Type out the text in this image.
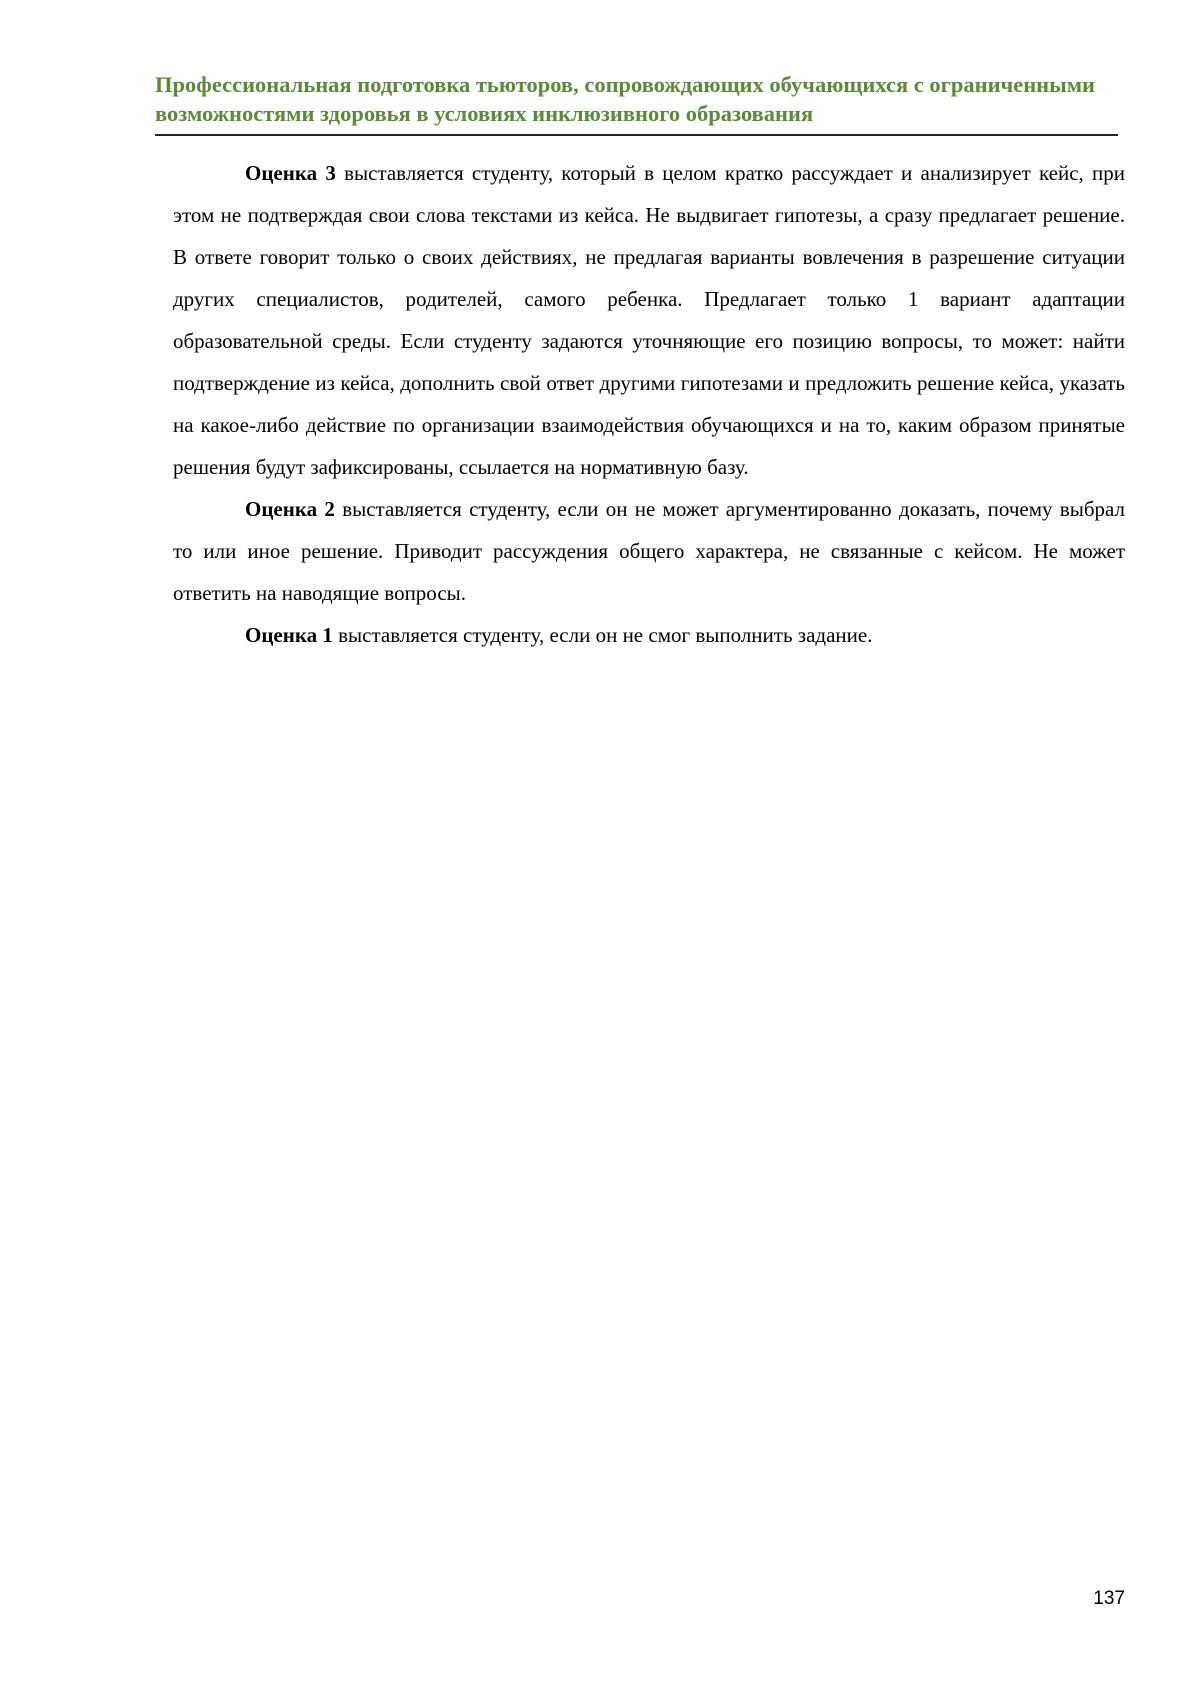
Профессиональная подготовка тьюторов, сопровождающих обучающихся с ограниченными возможностями здоровья в условиях инклюзивного образования

Оценка 3 выставляется студенту, который в целом кратко рассуждает и анализирует кейс, при этом не подтверждая свои слова текстами из кейса. Не выдвигает гипотезы, а сразу предлагает решение. В ответе говорит только о своих действиях, не предлагая варианты вовлечения в разрешение ситуации других специалистов, родителей, самого ребенка. Предлагает только 1 вариант адаптации образовательной среды. Если студенту задаются уточняющие его позицию вопросы, то может: найти подтверждение из кейса, дополнить свой ответ другими гипотезами и предложить решение кейса, указать на какое-либо действие по организации взаимодействия обучающихся и на то, каким образом принятые решения будут зафиксированы, ссылается на нормативную базу.

Оценка 2 выставляется студенту, если он не может аргументированно доказать, почему выбрал то или иное решение. Приводит рассуждения общего характера, не связанные с кейсом. Не может ответить на наводящие вопросы.

Оценка 1 выставляется студенту, если он не смог выполнить задание.

137
